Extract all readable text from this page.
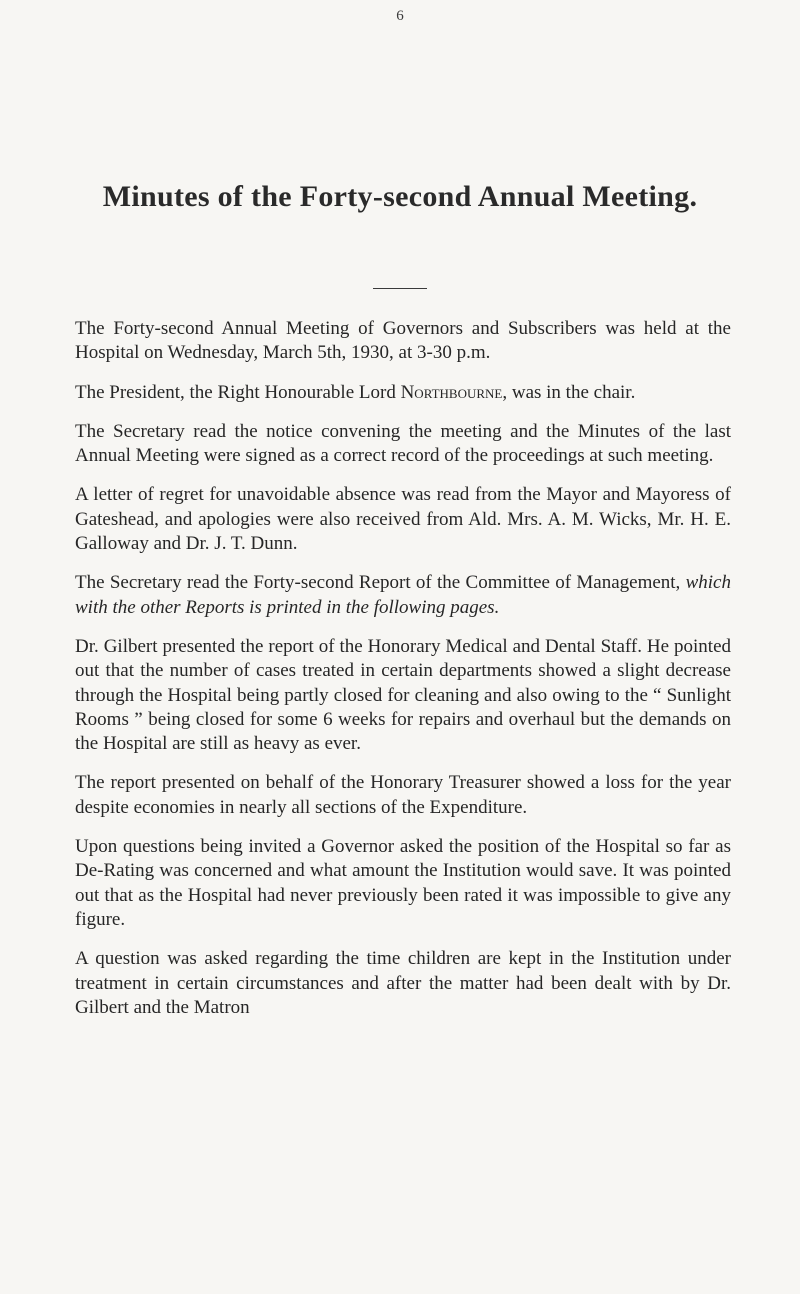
6
Minutes of the Forty-second Annual Meeting.

The Forty-second Annual Meeting of Governors and Subscribers was held at the Hospital on Wednesday, March 5th, 1930, at 3-30 p.m.

The President, the Right Honourable Lord Northbourne, was in the chair.

The Secretary read the notice convening the meeting and the Minutes of the last Annual Meeting were signed as a correct record of the proceedings at such meeting.

A letter of regret for unavoidable absence was read from the Mayor and Mayoress of Gateshead, and apologies were also received from Ald. Mrs. A. M. Wicks, Mr. H. E. Galloway and Dr. J. T. Dunn.

The Secretary read the Forty-second Report of the Committee of Management, which with the other Reports is printed in the following pages.

Dr. Gilbert presented the report of the Honorary Medical and Dental Staff. He pointed out that the number of cases treated in certain departments showed a slight decrease through the Hospital being partly closed for cleaning and also owing to the “ Sunlight Rooms ” being closed for some 6 weeks for repairs and overhaul but the demands on the Hospital are still as heavy as ever.

The report presented on behalf of the Honorary Treasurer showed a loss for the year despite economies in nearly all sections of the Expenditure.

Upon questions being invited a Governor asked the position of the Hospital so far as De-Rating was concerned and what amount the Institution would save. It was pointed out that as the Hospital had never previously been rated it was impossible to give any figure.

A question was asked regarding the time children are kept in the Institution under treatment in certain circumstances and after the matter had been dealt with by Dr. Gilbert and the Matron
